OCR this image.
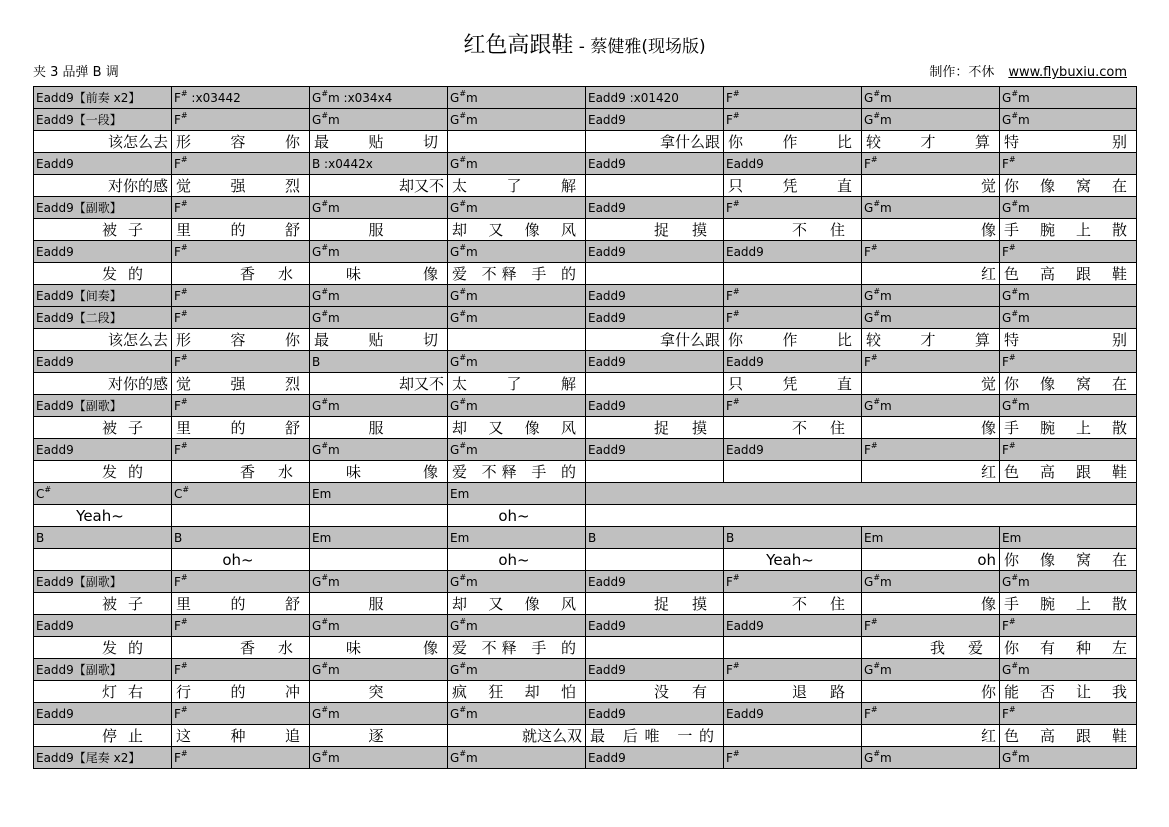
红色高跟鞋 - 蔡健雅(现场版)
夹 3 品弹 B 调	制作：不休 www.flybuxiu.com
Eadd9【前奏 x2】	F# :x03442	G#m :x034x4	G#m	Eadd9 :x01420	F#	G#m	G#m
Eadd9【一段】	F#	G#m	G#m	Eadd9	F#	G#m	G#m
该怎么去	形 容 你	最 贴 切		拿什么跟	你 作 比	较 才 算	特 别
Eadd9	F#	B :x0442x	G#m	Eadd9	Eadd9	F#	F#
对你的感	觉 强 烈	却又不	太 了 解		只 凭 直	觉	你 像 窝 在
Eadd9【副歌】	F#	G#m	G#m	Eadd9	F#	G#m	G#m
被 子	里 的 舒	服	却 又 像 风	捉 摸	不 住	像	手 腕 上 散
Eadd9	F#	G#m	G#m	Eadd9	Eadd9	F#	F#
发 的	香 水	味 像	爱 不释 手 的			红	色 高 跟 鞋
Eadd9【间奏】	F#	G#m	G#m	Eadd9	F#	G#m	G#m
Eadd9【二段】	F#	G#m	G#m	Eadd9	F#	G#m	G#m
该怎么去	形 容 你	最 贴 切		拿什么跟	你 作 比	较 才 算	特 别
Eadd9	F#	B	G#m	Eadd9	Eadd9	F#	F#
对你的感	觉 强 烈	却又不	太 了 解		只 凭 直	觉	你 像 窝 在
Eadd9【副歌】	F#	G#m	G#m	Eadd9	F#	G#m	G#m
被 子	里 的 舒	服	却 又 像 风	捉 摸	不 住	像	手 腕 上 散
Eadd9	F#	G#m	G#m	Eadd9	Eadd9	F#	F#
发 的	香 水	味 像	爱 不释 手 的			红	色 高 跟 鞋
C#	C#	Em	Em				
Yeah~			oh~				
B	B	Em	Em	B	B	Em	Em
	oh~		oh~		Yeah~	oh	你 像 窝 在
Eadd9【副歌】	F#	G#m	G#m	Eadd9	F#	G#m	G#m
被 子	里 的 舒	服	却 又 像 风	捉 摸	不 住	像	手 腕 上 散
Eadd9	F#	G#m	G#m	Eadd9	Eadd9	F#	F#
发 的	香 水	味 像	爱 不释 手 的			我 爱	你 有 种 左
Eadd9【副歌】	F#	G#m	G#m	Eadd9	F#	G#m	G#m
灯 右	行 的 冲	突	疯 狂 却 怕	没 有	退 路	你	能 否 让 我
Eadd9	F#	G#m	G#m	Eadd9	Eadd9	F#	F#
停 止	这 种 追	逐	就这么双	最 后唯 一的		红	色 高 跟 鞋
Eadd9【尾奏 x2】	F#	G#m	G#m	Eadd9	F#	G#m	G#m
